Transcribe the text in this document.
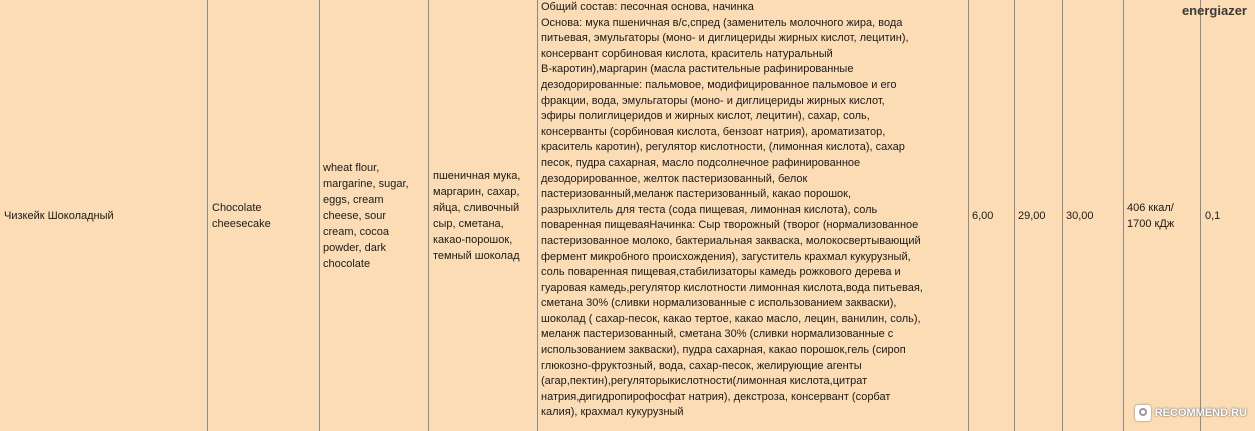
Чизкейк Шоколадный
Chocolate cheesecake
wheat flour,
margarine, sugar,
eggs, cream
cheese, sour
cream, cocoa
powder, dark
chocolate
пшеничная мука,
маргарин, сахар,
яйца, сливочный
сыр, сметана,
какао-порошок,
темный шоколад
Общий состав: песочная основа, начинка
Основа: мука пшеничная в/с,спред (заменитель молочного жира, вода
питьевая, эмульгаторы (моно- и диглицериды жирных кислот, лецитин),
консервант сорбиновая кислота, краситель натуральный
B-каротин),маргарин (масла растительные рафинированные
дезодорированные: пальмовое, модифицированное пальмовое и его
фракции, вода, эмульгаторы (моно- и диглицериды жирных кислот,
эфиры полиглицеридов и жирных кислот, лецитин), сахар, соль,
консерванты (сорбиновая кислота, бензоат натрия), ароматизатор,
краситель каротин), регулятор кислотности, (лимонная кислота), сахар
песок, пудра сахарная, масло подсолнечное рафинированное
дезодорированное, желток пастеризованный, белок
пастеризованный,меланж пастеризованный, какао порошок,
разрыхлитель для теста (сода пищевая, лимонная кислота), соль
поваренная пищеваяНачинка: Сыр творожный (творог (нормализованное
пастеризованное молоко, бактериальная закваска, молокосвертывающий
фермент микробного происхождения), загуститель крахмал кукурузный,
соль поваренная пищевая,стабилизаторы камедь рожкового дерева и
гуаровая камедь,регулятор кислотности лимонная кислота,вода питьевая,
сметана 30% (сливки нормализованные с использованием закваски),
шоколад ( сахар-песок, какао тертое, какао масло, лецин, ванилин, соль),
меланж пастеризованный, сметана 30% (сливки нормализованные с
использованием закваски), пудра сахарная, какао порошок,гель (сироп
глюкозно-фруктозный, вода, сахар-песок, желирующие агенты
(агар,пектин),регуляторыкислотности(лимонная кислота,цитрат
натрия,дигидропирофосфат натрия), декстроза, консервант (сорбат
калия), крахмал кукурузный
6,00 29,00 30,00
406 ккал/
1700 кДж
0,1
energiazer
RECOMMEND.RU
